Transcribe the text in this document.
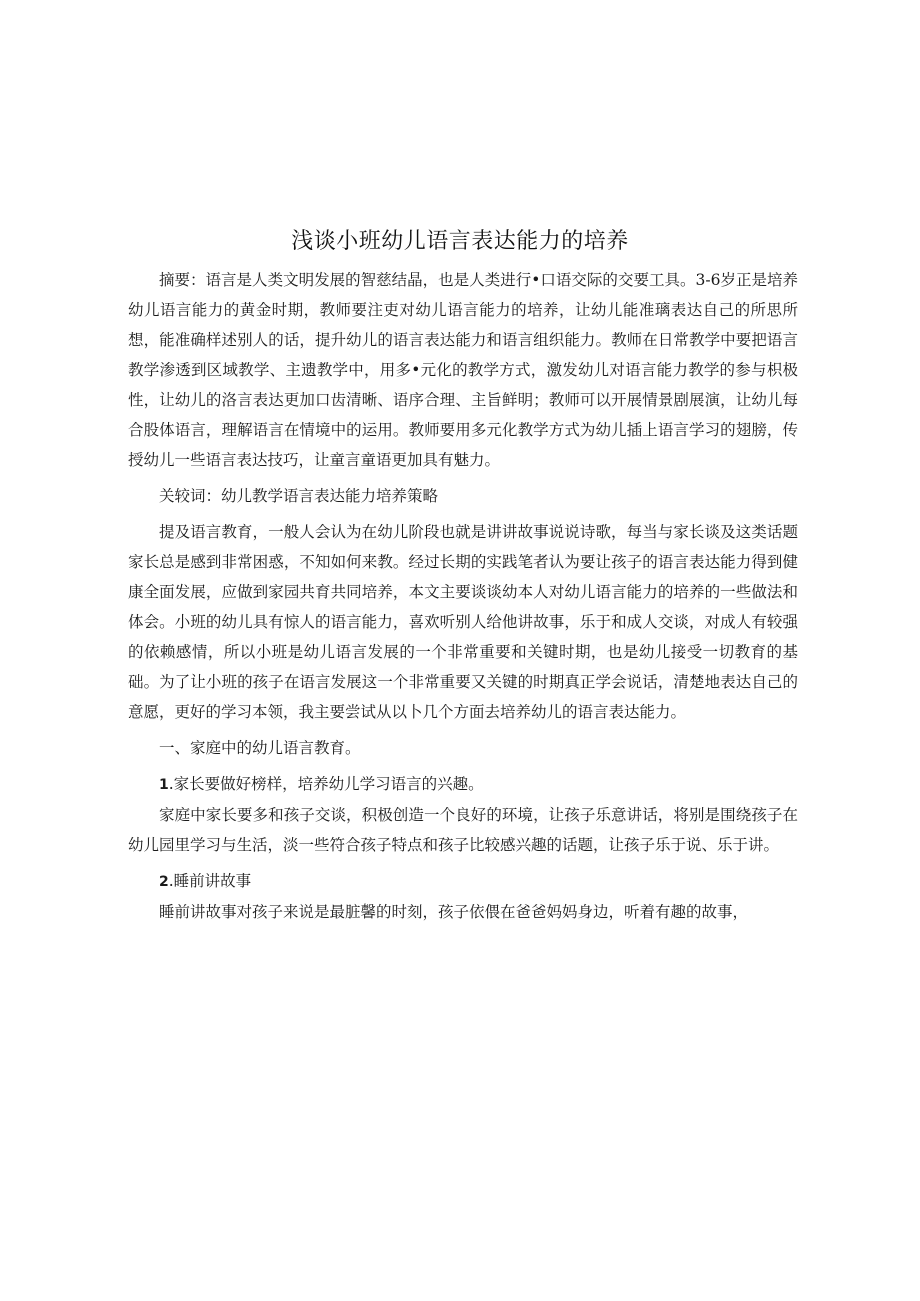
浅谈小班幼儿语言表达能力的培养

摘要：语言是人类文明发展的智慈结晶，也是人类进行•口语交际的交要工具。3-6岁正是培养幼儿语言能力的黄金时期，教师要注吏对幼儿语言能力的培养，让幼儿能准璃表达自己的所思所想，能准确样述别人的话，提升幼儿的语言表达能力和语言组织能力。教师在日常教学中要把语言教学渗透到区域教学、主遗教学中，用多•元化的教学方式，激发幼儿对语言能力教学的参与枳极性，让幼儿的洛言表达更加口齿清晰、语序合理、主旨鲜明；教师可以开展情景剧展演，让幼儿每合股体语言，理解语言在情境中的运用。教师要用多元化教学方式为幼儿插上语言学习的翅膀，传授幼儿一些语言表达技巧，让童言童语更加具有魅力。

关较词：幼儿教学语言表达能力培养策略

提及语言教育，一般人会认为在幼儿阶段也就是讲讲故事说说诗歌，每当与家长谈及这类话题家长总是感到非常困惑，不知如何来教。经过长期的实践笔者认为要让孩子的语言表达能力得到健康全面发展，应做到家园共育共同培养，本文主要谈谈幼本人对幼儿语言能力的培养的一些做法和体会。小班的幼儿具有惊人的语言能力，喜欢听别人给他讲故事，乐于和成人交谈，对成人有较强的依赖感情，所以小班是幼儿语言发展的一个非常重要和关键时期，也是幼儿接受一切教育的基础。为了让小班的孩子在语言发展这一个非常重要又关键的时期真正学会说话，清楚地表达自己的意愿，更好的学习本领，我主要尝试从以卜几个方面去培养幼儿的语言表达能力。

一、家庭中的幼儿语言教育。

1.家长要做好榜样，培养幼儿学习语言的兴趣。

家庭中家长要多和孩子交谈，积极创造一个良好的环境，让孩子乐意讲话，将别是围绕孩子在幼儿园里学习与生活，淡一些符合孩子特点和孩子比较感兴趣的话题，让孩子乐于说、乐于讲。

2.睡前讲故事

睡前讲故事对孩子来说是最脏馨的时刻，孩子依偎在爸爸妈妈身边，听着有趣的故事，
